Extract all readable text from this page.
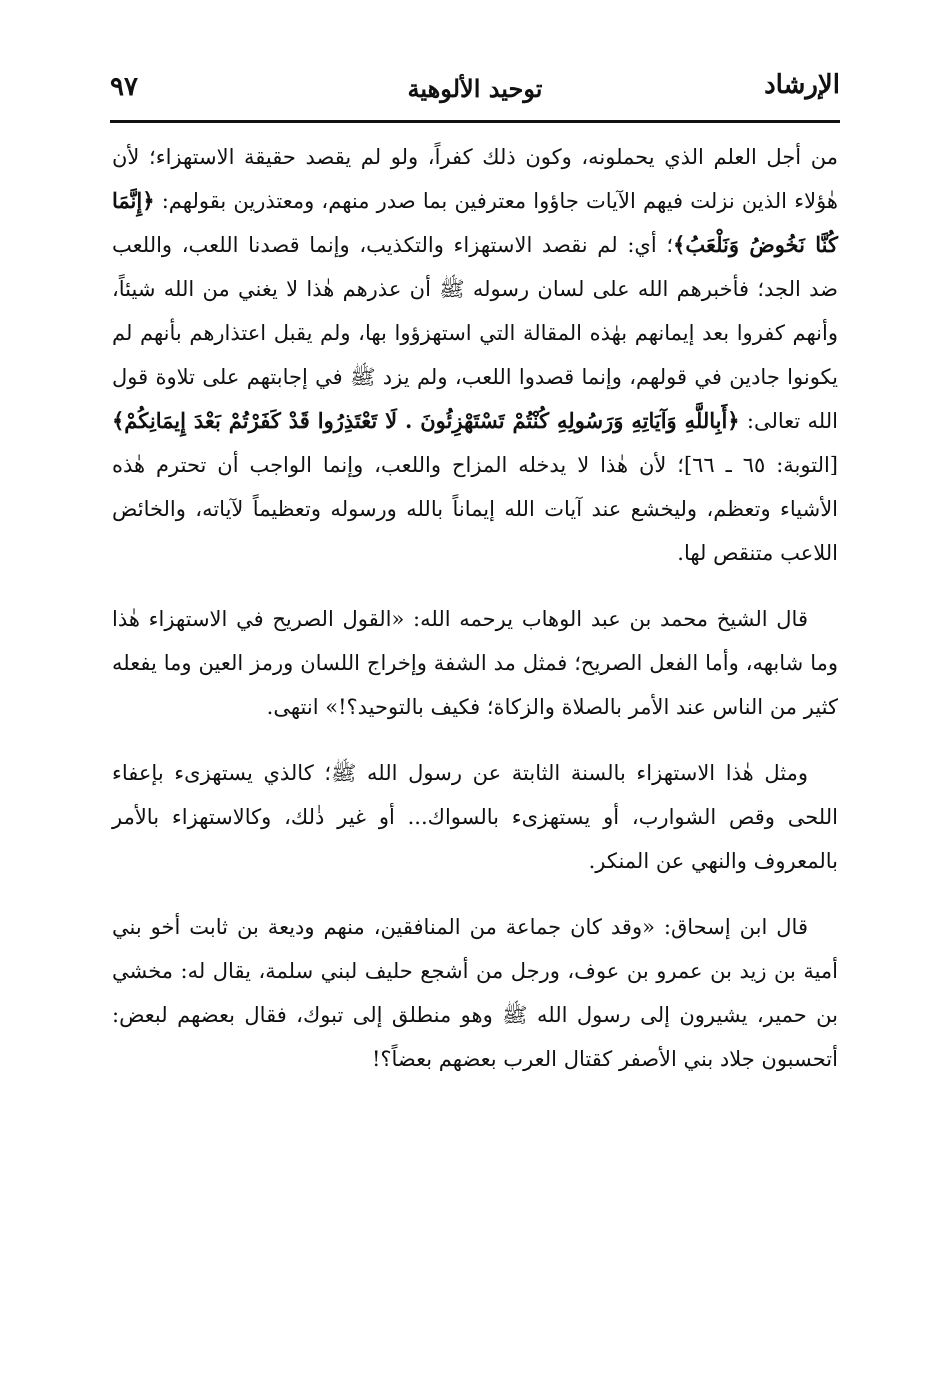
الإرشاد
توحيد الألوهية
٩٧

من أجل العلم الذي يحملونه، وكون ذلك كفراً، ولو لم يقصد حقيقة الاستهزاء؛ لأن هٰؤلاء الذين نزلت فيهم الآيات جاؤوا معترفين بما صدر منهم، ومعتذرين بقولهم: ﴿إِنَّمَا كُنَّا نَخُوضُ وَنَلْعَبُ﴾؛ أي: لم نقصد الاستهزاء والتكذيب، وإنما قصدنا اللعب، واللعب ضد الجد؛ فأخبرهم الله على لسان رسوله ﷺ أن عذرهم هٰذا لا يغني من الله شيئاً، وأنهم كفروا بعد إيمانهم بهٰذه المقالة التي استهزؤوا بها، ولم يقبل اعتذارهم بأنهم لم يكونوا جادين في قولهم، وإنما قصدوا اللعب، ولم يزد ﷺ في إجابتهم على تلاوة قول الله تعالى: ﴿أَبِاللَّهِ وَآيَاتِهِ وَرَسُولِهِ كُنْتُمْ تَسْتَهْزِئُونَ . لَا تَعْتَذِرُوا قَدْ كَفَرْتُمْ بَعْدَ إِيمَانِكُمْ﴾ [التوبة: ٦٥ ـ ٦٦]؛ لأن هٰذا لا يدخله المزاح واللعب، وإنما الواجب أن تحترم هٰذه الأشياء وتعظم، وليخشع عند آيات الله إيماناً بالله ورسوله وتعظيماً لآياته، والخائض اللاعب متنقص لها.

قال الشيخ محمد بن عبد الوهاب يرحمه الله: «القول الصريح في الاستهزاء هٰذا وما شابهه، وأما الفعل الصريح؛ فمثل مد الشفة وإخراج اللسان ورمز العين وما يفعله كثير من الناس عند الأمر بالصلاة والزكاة؛ فكيف بالتوحيد؟!» انتهى.

ومثل هٰذا الاستهزاء بالسنة الثابتة عن رسول الله ﷺ؛ كالذي يستهزىء بإعفاء اللحى وقص الشوارب، أو يستهزىء بالسواك... أو غير ذٰلك، وكالاستهزاء بالأمر بالمعروف والنهي عن المنكر.

قال ابن إسحاق: «وقد كان جماعة من المنافقين، منهم وديعة بن ثابت أخو بني أمية بن زيد بن عمرو بن عوف، ورجل من أشجع حليف لبني سلمة، يقال له: مخشي بن حمير، يشيرون إلى رسول الله ﷺ وهو منطلق إلى تبوك، فقال بعضهم لبعض: أتحسبون جلاد بني الأصفر كقتال العرب بعضهم بعضاً؟!
